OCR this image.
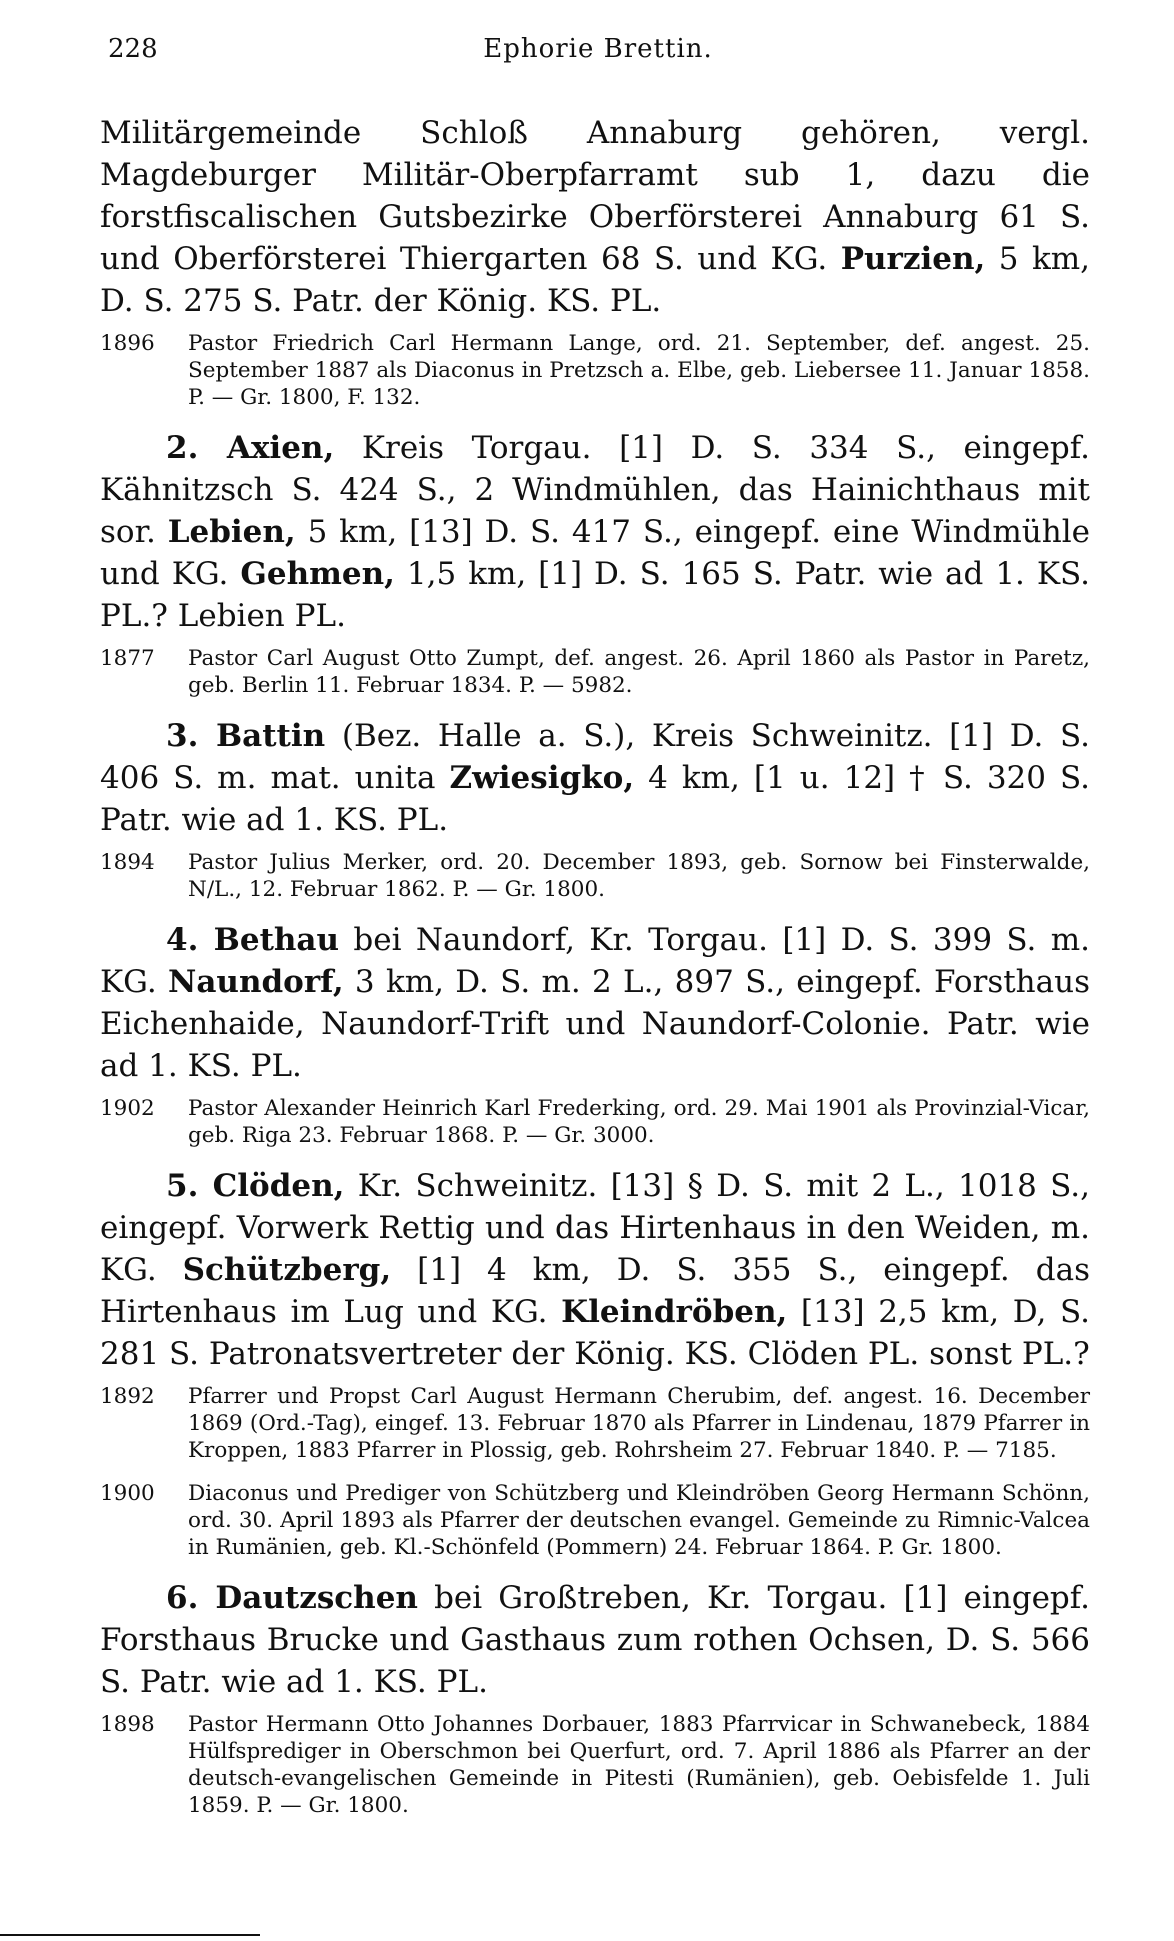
228	Ephorie Brettin.

Militärgemeinde Schloß Annaburg gehören, vergl. Magdeburger Militär-Oberpfarramt sub 1, dazu die forstfiscalischen Gutsbezirke Oberförsterei Annaburg 61 S. und Oberförsterei Thiergarten 68 S. und KG. Purzien, 5 km, D. S. 275 S. Patr. der König. KS. PL.

1896 Pastor Friedrich Carl Hermann Lange, ord. 21. September, def. angest. 25. September 1887 als Diaconus in Pretzsch a. Elbe, geb. Liebersee 11. Januar 1858. P. — Gr. 1800, F. 132.

2. Axien, Kreis Torgau. [1] D. S. 334 S., eingepf. Kähnitzsch S. 424 S., 2 Windmühlen, das Hainichthaus mit sor. Lebien, 5 km, [13] D. S. 417 S., eingepf. eine Windmühle und KG. Gehmen, 1,5 km, [1] D. S. 165 S. Patr. wie ad 1. KS. PL.? Lebien PL.

1877 Pastor Carl August Otto Zumpt, def. angest. 26. April 1860 als Pastor in Paretz, geb. Berlin 11. Februar 1834. P. — 5982.

3. Battin (Bez. Halle a. S.), Kreis Schweinitz. [1] D. S. 406 S. m. mat. unita Zwiesigko, 4 km, [1 u. 12] † S. 320 S. Patr. wie ad 1. KS. PL.

1894 Pastor Julius Merker, ord. 20. December 1893, geb. Sornow bei Finsterwalde, N/L., 12. Februar 1862. P. — Gr. 1800.

4. Bethau bei Naundorf, Kr. Torgau. [1] D. S. 399 S. m. KG. Naundorf, 3 km, D. S. m. 2 L., 897 S., eingepf. Forsthaus Eichenhaide, Naundorf-Trift und Naundorf-Colonie. Patr. wie ad 1. KS. PL.

1902 Pastor Alexander Heinrich Karl Frederking, ord. 29. Mai 1901 als Provinzial-Vicar, geb. Riga 23. Februar 1868. P. — Gr. 3000.

5. Clöden, Kr. Schweinitz. [13] § D. S. mit 2 L., 1018 S., eingepf. Vorwerk Rettig und das Hirtenhaus in den Weiden, m. KG. Schützberg, [1] 4 km, D. S. 355 S., eingepf. das Hirtenhaus im Lug und KG. Kleindröben, [13] 2,5 km, D, S. 281 S. Patronatsvertreter der König. KS. Clöden PL. sonst PL.?

1892 Pfarrer und Propst Carl August Hermann Cherubim, def. angest. 16. December 1869 (Ord.-Tag), eingef. 13. Februar 1870 als Pfarrer in Lindenau, 1879 Pfarrer in Kroppen, 1883 Pfarrer in Plossig, geb. Rohrsheim 27. Februar 1840. P. — 7185.
1900 Diaconus und Prediger von Schützberg und Kleindröben Georg Hermann Schönn, ord. 30. April 1893 als Pfarrer der deutschen evangel. Gemeinde zu Rimnic-Valcea in Rumänien, geb. Kl.-Schönfeld (Pommern) 24. Februar 1864. P. Gr. 1800.

6. Dautzschen bei Großtreben, Kr. Torgau. [1] eingepf. Forsthaus Brucke und Gasthaus zum rothen Ochsen, D. S. 566 S. Patr. wie ad 1. KS. PL.

1898 Pastor Hermann Otto Johannes Dorbauer, 1883 Pfarrvicar in Schwanebeck, 1884 Hülfsprediger in Oberschmon bei Querfurt, ord. 7. April 1886 als Pfarrer an der deutsch-evangelischen Gemeinde in Pitesti (Rumänien), geb. Oebisfelde 1. Juli 1859. P. — Gr. 1800.
